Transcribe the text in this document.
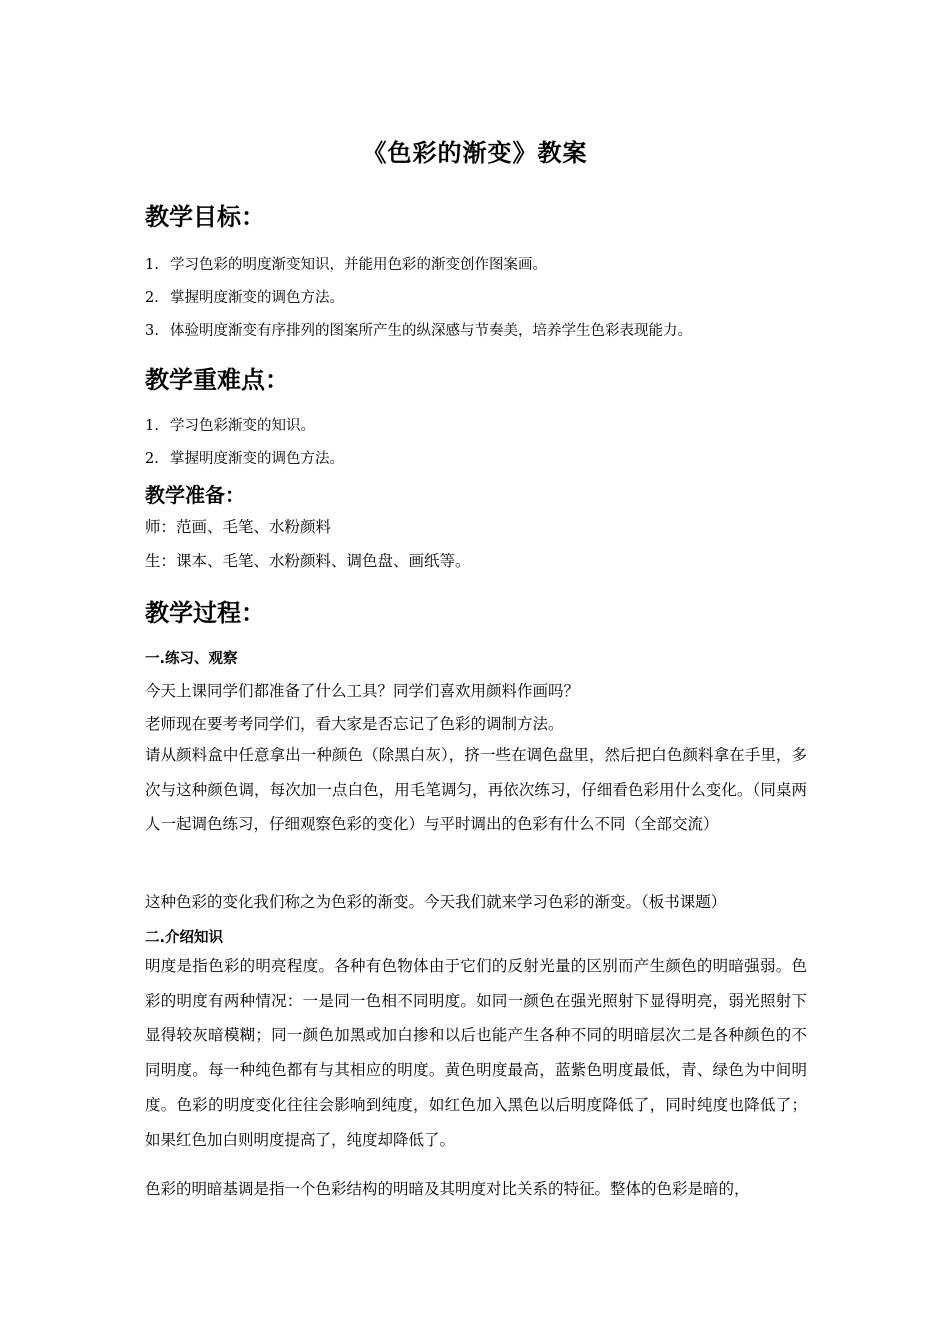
《色彩的渐变》教案
教学目标：
1. 学习色彩的明度渐变知识，并能用色彩的渐变创作图案画。
2. 掌握明度渐变的调色方法。
3. 体验明度渐变有序排列的图案所产生的纵深感与节奏美，培养学生色彩表现能力。
教学重难点：
1. 学习色彩渐变的知识。
2. 掌握明度渐变的调色方法。
教学准备：
师：范画、毛笔、水粉颜料
生：课本、毛笔、水粉颜料、调色盘、画纸等。
教学过程：
一.练习、观察
今天上课同学们都准备了什么工具？同学们喜欢用颜料作画吗？
老师现在要考考同学们，看大家是否忘记了色彩的调制方法。

请从颜料盒中任意拿出一种颜色（除黑白灰），挤一些在调色盘里，然后把白色颜料拿在手里，多次与这种颜色调，每次加一点白色，用毛笔调匀，再依次练习，仔细看色彩用什么变化。（同桌两人一起调色练习，仔细观察色彩的变化）与平时调出的色彩有什么不同（全部交流）

这种色彩的变化我们称之为色彩的渐变。今天我们就来学习色彩的渐变。（板书课题）
二.介绍知识

明度是指色彩的明亮程度。各种有色物体由于它们的反射光量的区别而产生颜色的明暗强弱。色彩的明度有两种情况：一是同一色相不同明度。如同一颜色在强光照射下显得明亮，弱光照射下显得较灰暗模糊；同一颜色加黑或加白掺和以后也能产生各种不同的明暗层次二是各种颜色的不同明度。每一种纯色都有与其相应的明度。黄色明度最高，蓝紫色明度最低，青、绿色为中间明度。色彩的明度变化往往会影响到纯度，如红色加入黑色以后明度降低了，同时纯度也降低了；如果红色加白则明度提高了，纯度却降低了。

色彩的明暗基调是指一个色彩结构的明暗及其明度对比关系的特征。整体的色彩是暗的，
